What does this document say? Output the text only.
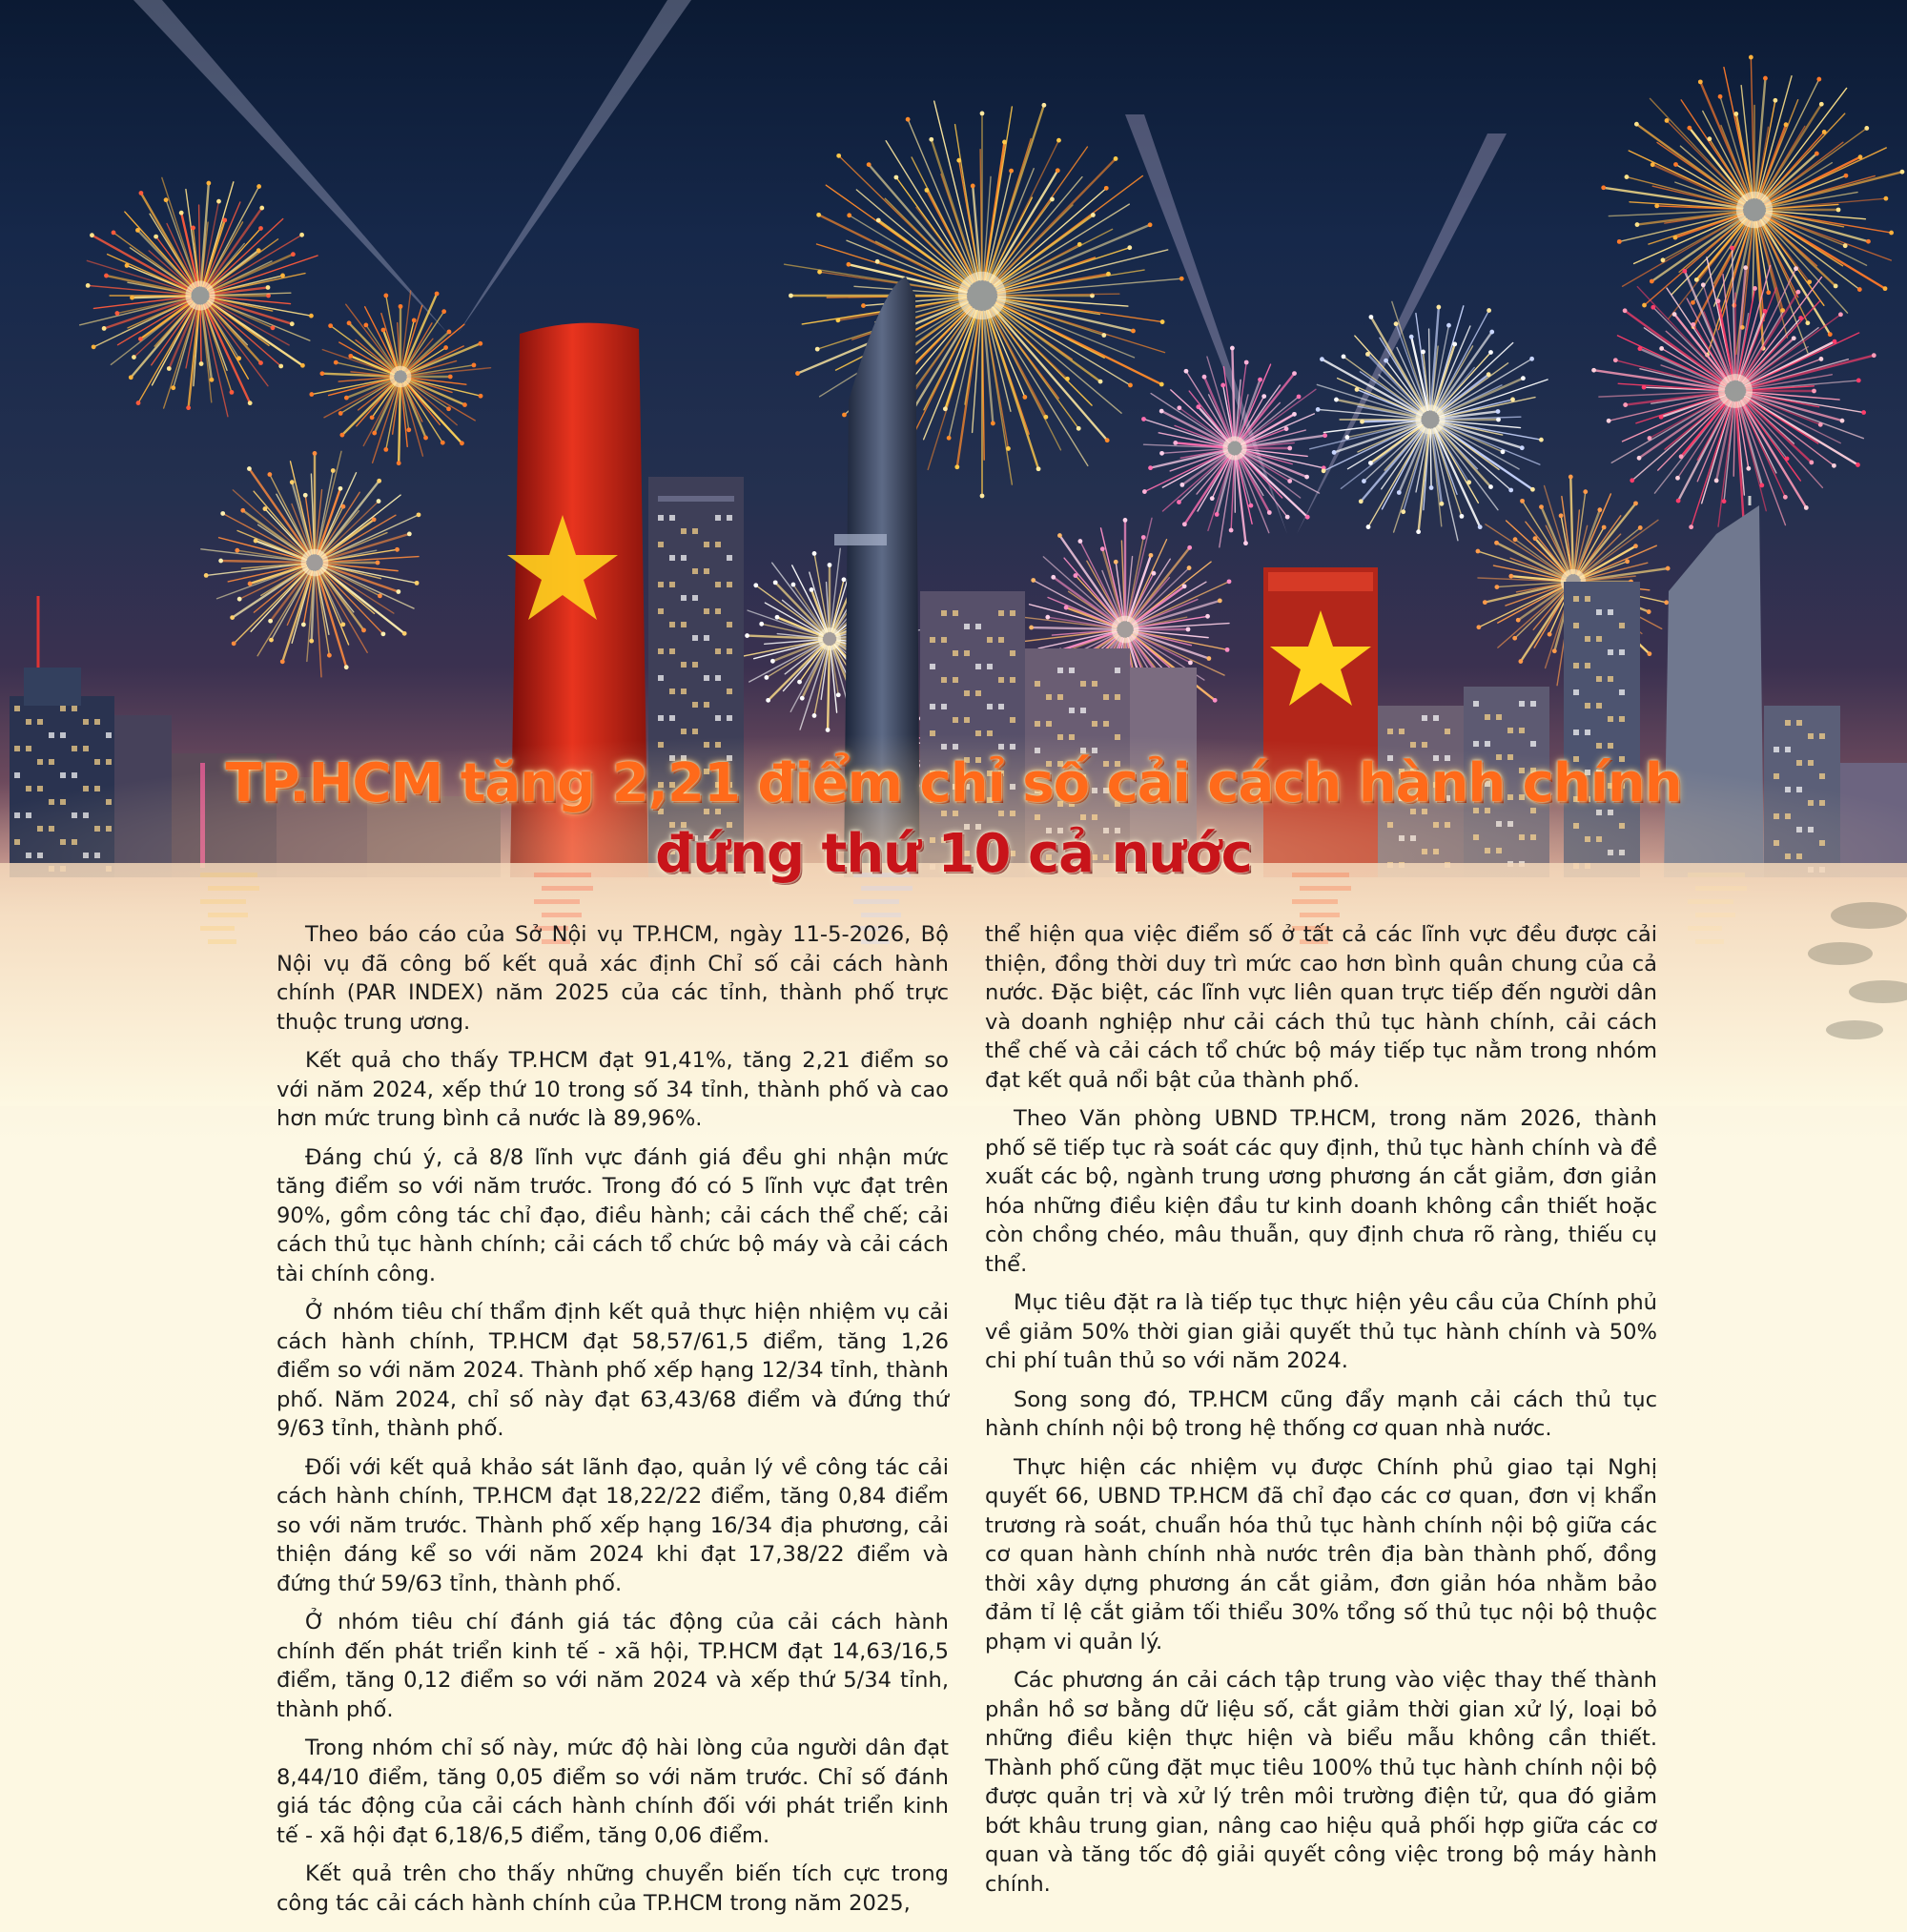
TP.HCM tăng 2,21 điểm chỉ số cải cách hành chính
đứng thứ 10 cả nước

Theo báo cáo của Sở Nội vụ TP.HCM, ngày 11-5-2026, Bộ Nội vụ đã công bố kết quả xác định Chỉ số cải cách hành chính (PAR INDEX) năm 2025 của các tỉnh, thành phố trực thuộc trung ương.

Kết quả cho thấy TP.HCM đạt 91,41%, tăng 2,21 điểm so với năm 2024, xếp thứ 10 trong số 34 tỉnh, thành phố và cao hơn mức trung bình cả nước là 89,96%.

Đáng chú ý, cả 8/8 lĩnh vực đánh giá đều ghi nhận mức tăng điểm so với năm trước. Trong đó có 5 lĩnh vực đạt trên 90%, gồm công tác chỉ đạo, điều hành; cải cách thể chế; cải cách thủ tục hành chính; cải cách tổ chức bộ máy và cải cách tài chính công.

Ở nhóm tiêu chí thẩm định kết quả thực hiện nhiệm vụ cải cách hành chính, TP.HCM đạt 58,57/61,5 điểm, tăng 1,26 điểm so với năm 2024. Thành phố xếp hạng 12/34 tỉnh, thành phố. Năm 2024, chỉ số này đạt 63,43/68 điểm và đứng thứ 9/63 tỉnh, thành phố.

Đối với kết quả khảo sát lãnh đạo, quản lý về công tác cải cách hành chính, TP.HCM đạt 18,22/22 điểm, tăng 0,84 điểm so với năm trước. Thành phố xếp hạng 16/34 địa phương, cải thiện đáng kể so với năm 2024 khi đạt 17,38/22 điểm và đứng thứ 59/63 tỉnh, thành phố.

Ở nhóm tiêu chí đánh giá tác động của cải cách hành chính đến phát triển kinh tế - xã hội, TP.HCM đạt 14,63/16,5 điểm, tăng 0,12 điểm so với năm 2024 và xếp thứ 5/34 tỉnh, thành phố.

Trong nhóm chỉ số này, mức độ hài lòng của người dân đạt 8,44/10 điểm, tăng 0,05 điểm so với năm trước. Chỉ số đánh giá tác động của cải cách hành chính đối với phát triển kinh tế - xã hội đạt 6,18/6,5 điểm, tăng 0,06 điểm.

Kết quả trên cho thấy những chuyển biến tích cực trong công tác cải cách hành chính của TP.HCM trong năm 2025,

thể hiện qua việc điểm số ở tất cả các lĩnh vực đều được cải thiện, đồng thời duy trì mức cao hơn bình quân chung của cả nước. Đặc biệt, các lĩnh vực liên quan trực tiếp đến người dân và doanh nghiệp như cải cách thủ tục hành chính, cải cách thể chế và cải cách tổ chức bộ máy tiếp tục nằm trong nhóm đạt kết quả nổi bật của thành phố.

Theo Văn phòng UBND TP.HCM, trong năm 2026, thành phố sẽ tiếp tục rà soát các quy định, thủ tục hành chính và đề xuất các bộ, ngành trung ương phương án cắt giảm, đơn giản hóa những điều kiện đầu tư kinh doanh không cần thiết hoặc còn chồng chéo, mâu thuẫn, quy định chưa rõ ràng, thiếu cụ thể.

Mục tiêu đặt ra là tiếp tục thực hiện yêu cầu của Chính phủ về giảm 50% thời gian giải quyết thủ tục hành chính và 50% chi phí tuân thủ so với năm 2024.

Song song đó, TP.HCM cũng đẩy mạnh cải cách thủ tục hành chính nội bộ trong hệ thống cơ quan nhà nước.

Thực hiện các nhiệm vụ được Chính phủ giao tại Nghị quyết 66, UBND TP.HCM đã chỉ đạo các cơ quan, đơn vị khẩn trương rà soát, chuẩn hóa thủ tục hành chính nội bộ giữa các cơ quan hành chính nhà nước trên địa bàn thành phố, đồng thời xây dựng phương án cắt giảm, đơn giản hóa nhằm bảo đảm tỉ lệ cắt giảm tối thiểu 30% tổng số thủ tục nội bộ thuộc phạm vi quản lý.

Các phương án cải cách tập trung vào việc thay thế thành phần hồ sơ bằng dữ liệu số, cắt giảm thời gian xử lý, loại bỏ những điều kiện thực hiện và biểu mẫu không cần thiết. Thành phố cũng đặt mục tiêu 100% thủ tục hành chính nội bộ được quản trị và xử lý trên môi trường điện tử, qua đó giảm bớt khâu trung gian, nâng cao hiệu quả phối hợp giữa các cơ quan và tăng tốc độ giải quyết công việc trong bộ máy hành chính.
